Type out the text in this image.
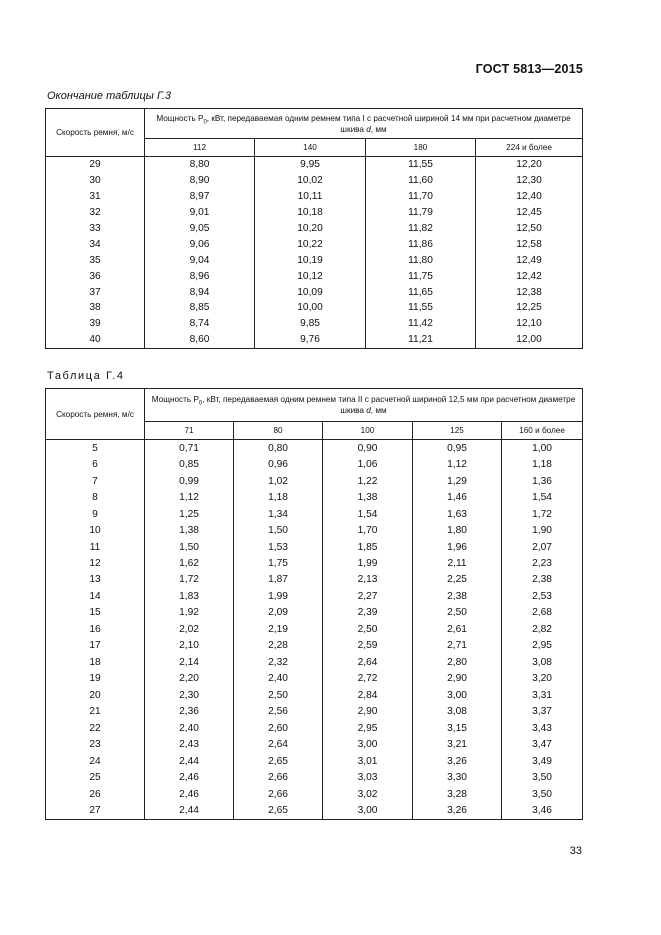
ГОСТ 5813—2015
Окончание таблицы Г.3
Скорость ремня, м/с	Мощность $P_0$, кВт, передаваемая одним ремнем типа I с расчетной шириной 14 мм при расчетном диаметре шкива d, мм			
	112	140	180	224 и более
29	8,80	9,95	11,55	12,20
30	8,90	10,02	11,60	12,30
31	8,97	10,11	11,70	12,40
32	9,01	10,18	11,79	12,45
33	9,05	10,20	11,82	12,50
34	9,06	10,22	11,86	12,58
35	9,04	10,19	11,80	12,49
36	8,96	10,12	11,75	12,42
37	8,94	10,09	11,65	12,38
38	8,85	10,00	11,55	12,25
39	8,74	9,85	11,42	12,10
40	8,60	9,76	11,21	12,00
Таблица Г.4
Скорость ремня, м/с	Мощность $P_0$, кВт, передаваемая одним ремнем типа II с расчетной шириной 12,5 мм при расчетном диаметре шкива d, мм				
	71	80	100	125	160 и более
5	0,71	0,80	0,90	0,95	1,00
6	0,85	0,96	1,06	1,12	1,18
7	0,99	1,02	1,22	1,29	1,36
8	1,12	1,18	1,38	1,46	1,54
9	1,25	1,34	1,54	1,63	1,72
10	1,38	1,50	1,70	1,80	1,90
11	1,50	1,53	1,85	1,96	2,07
12	1,62	1,75	1,99	2,11	2,23
13	1,72	1,87	2,13	2,25	2,38
14	1,83	1,99	2,27	2,38	2,53
15	1,92	2,09	2,39	2,50	2,68
16	2,02	2,19	2,50	2,61	2,82
17	2,10	2,28	2,59	2,71	2,95
18	2,14	2,32	2,64	2,80	3,08
19	2,20	2,40	2,72	2,90	3,20
20	2,30	2,50	2,84	3,00	3,31
21	2,36	2,56	2,90	3,08	3,37
22	2,40	2,60	2,95	3,15	3,43
23	2,43	2,64	3,00	3,21	3,47
24	2,44	2,65	3,01	3,26	3,49
25	2,46	2,66	3,03	3,30	3,50
26	2,46	2,66	3,02	3,28	3,50
27	2,44	2,65	3,00	3,26	3,46
33
